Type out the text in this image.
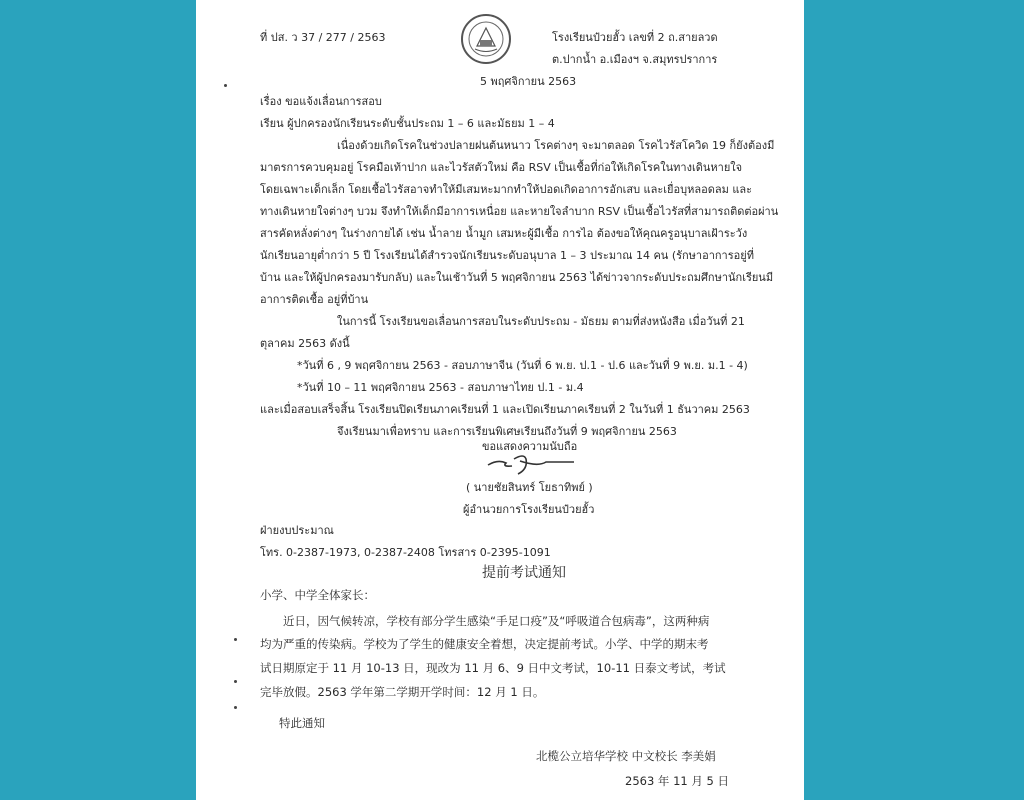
ที่ ปส. ว 37 / 277 / 2563	โรงเรียนป๋วยฮั้ว เลขที่ 2 ถ.สายลวด
ต.ปากน้ำ อ.เมืองฯ จ.สมุทรปราการ
5 พฤศจิกายน 2563
เรื่อง ขอแจ้งเลื่อนการสอบ
เรียน ผู้ปกครองนักเรียนระดับชั้นประถม 1 – 6 และมัธยม 1 – 4
เนื่องด้วยเกิดโรคในช่วงปลายฝนต้นหนาว โรคต่างๆ จะมาตลอด โรคไวรัสโควิด 19 ก็ยังต้องมี
มาตรการควบคุมอยู่ โรคมือเท้าปาก และไวรัสตัวใหม่ คือ RSV เป็นเชื้อที่ก่อให้เกิดโรคในทางเดินหายใจ
โดยเฉพาะเด็กเล็ก โดยเชื้อไวรัสอาจทำให้มีเสมหะมากทำให้ปอดเกิดอาการอักเสบ และเยื่อบุหลอดลม และ
ทางเดินหายใจต่างๆ บวม จึงทำให้เด็กมีอาการเหนื่อย และหายใจลำบาก RSV เป็นเชื้อไวรัสที่สามารถติดต่อผ่าน
สารคัดหลั่งต่างๆ ในร่างกายได้ เช่น น้ำลาย น้ำมูก เสมหะผู้มีเชื้อ การไอ ต้องขอให้คุณครูอนุบาลเฝ้าระวัง
นักเรียนอายุต่ำกว่า 5 ปี โรงเรียนได้สำรวจนักเรียนระดับอนุบาล 1 – 3 ประมาณ 14 คน (รักษาอาการอยู่ที่
บ้าน และให้ผู้ปกครองมารับกลับ) และในเช้าวันที่ 5 พฤศจิกายน 2563 ได้ข่าวจากระดับประถมศึกษานักเรียนมี
อาการติดเชื้อ อยู่ที่บ้าน
ในการนี้ โรงเรียนขอเลื่อนการสอบในระดับประถม - มัธยม ตามที่ส่งหนังสือ เมื่อวันที่ 21
ตุลาคม 2563 ดังนี้
*วันที่ 6 , 9 พฤศจิกายน 2563 - สอบภาษาจีน (วันที่ 6 พ.ย. ป.1 - ป.6 และวันที่ 9 พ.ย. ม.1 - 4)
*วันที่ 10 – 11 พฤศจิกายน 2563 - สอบภาษาไทย ป.1 - ม.4
และเมื่อสอบเสร็จสิ้น โรงเรียนปิดเรียนภาคเรียนที่ 1 และเปิดเรียนภาคเรียนที่ 2 ในวันที่ 1 ธันวาคม 2563
จึงเรียนมาเพื่อทราบ และการเรียนพิเศษเรียนถึงวันที่ 9 พฤศจิกายน 2563
ขอแสดงความนับถือ
( นายชัยสินทร์ โยธาทิพย์ )
ผู้อำนวยการโรงเรียนป๋วยฮั้ว
ฝ่ายงบประมาณ
โทร. 0-2387-1973, 0-2387-2408 โทรสาร 0-2395-1091
提前考试通知
小学、中学全体家长：
近日，因气候转凉，学校有部分学生感染“手足口疫”及“呼吸道合包病毒”，这两种病
均为严重的传染病。学校为了学生的健康安全着想，决定提前考试。小学、中学的期末考
试日期原定于 11 月 10-13 日，现改为 11 月 6、9 日中文考试，10-11 日泰文考试，考试
完毕放假。2563 学年第二学期开学时间：12 月 1 日。
特此通知
北榄公立培华学校 中文校长 李美娟
2563 年 11 月 5 日
